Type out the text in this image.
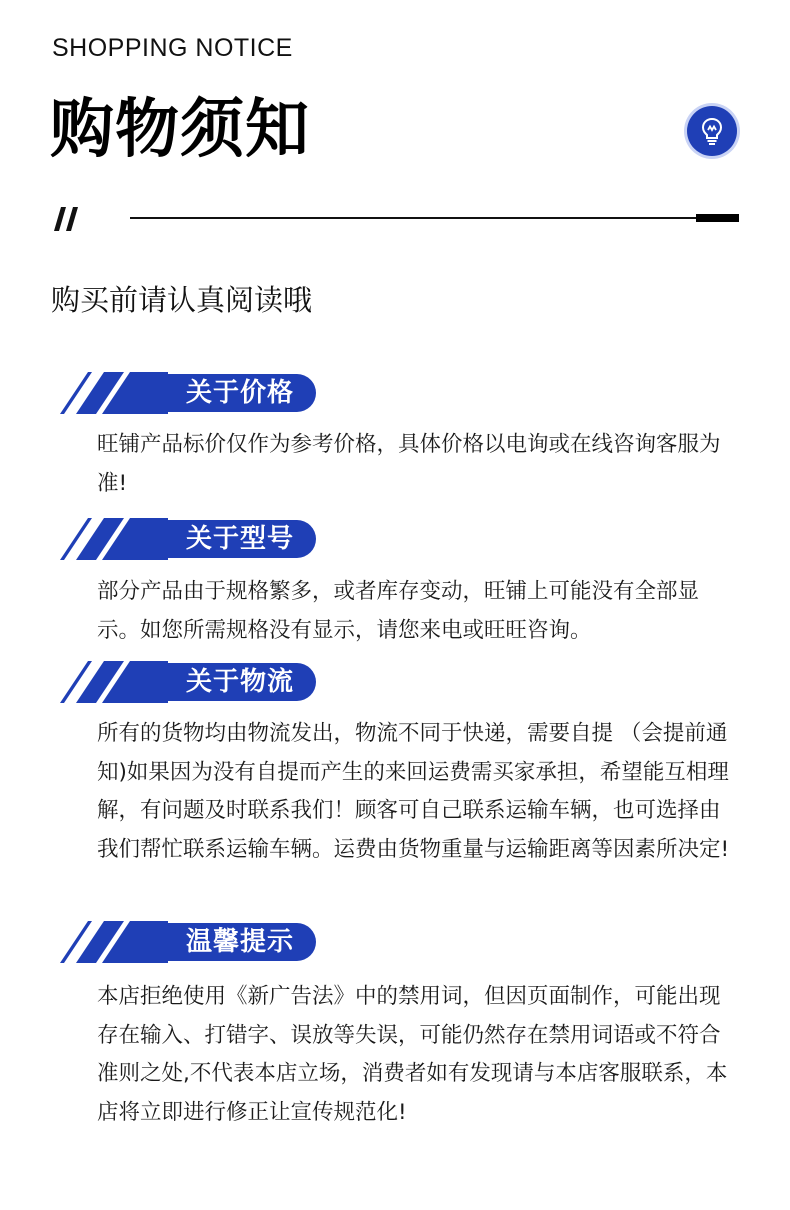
SHOPPING NOTICE
购物须知
购买前请认真阅读哦
关于价格
旺铺产品标价仅作为参考价格，具体价格以电询或在线咨询客服为准!
关于型号
部分产品由于规格繁多，或者库存变动，旺铺上可能没有全部显示。如您所需规格没有显示，请您来电或旺旺咨询。
关于物流
所有的货物均由物流发出，物流不同于快递，需要自提 （会提前通知)如果因为没有自提而产生的来回运费需买家承担，希望能互相理解，有问题及时联系我们！顾客可自己联系运输车辆，也可选择由我们帮忙联系运输车辆。运费由货物重量与运输距离等因素所决定!
温馨提示
本店拒绝使用《新广告法》中的禁用词，但因页面制作，可能出现存在输入、打错字、误放等失误，可能仍然存在禁用词语或不符合准则之处,不代表本店立场，消费者如有发现请与本店客服联系，本店将立即进行修正让宣传规范化!
